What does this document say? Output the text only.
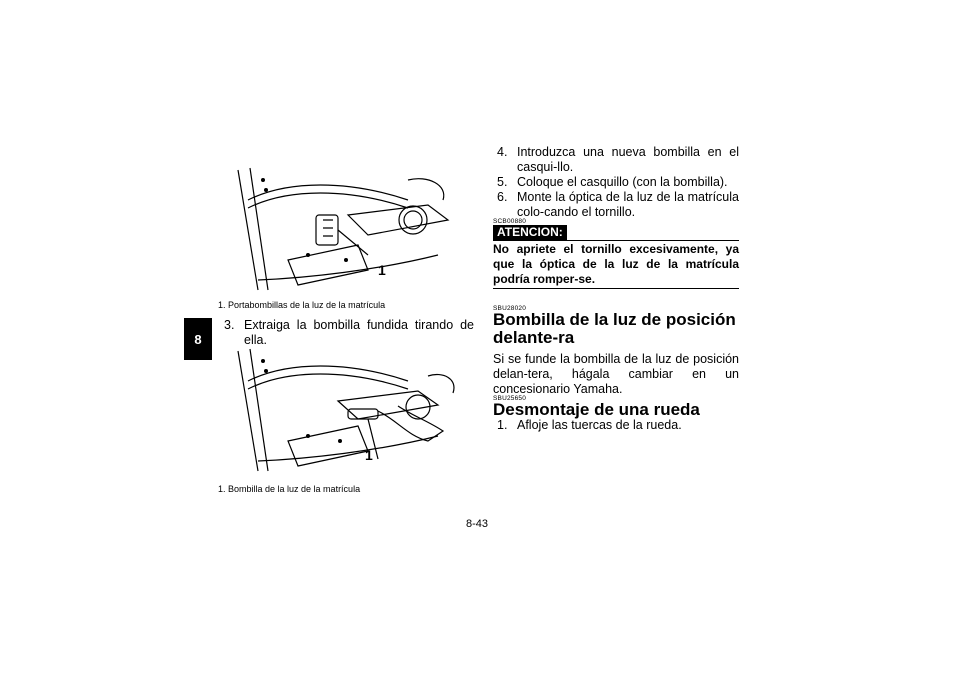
8
1
1. Portabombillas de la luz de la matrícula
3. Extraiga la bombilla fundida tirando de ella.
1
1. Bombilla de la luz de la matrícula
4. Introduzca una nueva bombilla en el casqui-llo.
5. Coloque el casquillo (con la bombilla).
6. Monte la óptica de la luz de la matrícula colo-cando el tornillo.
SCB00880
ATENCION:
No apriete el tornillo excesivamente, ya que la óptica de la luz de la matrícula podría romper-se.
SBU28020
Bombilla de la luz de posición delante-ra
Si se funde la bombilla de la luz de posición delan-tera, hágala cambiar en un concesionario Yamaha.
SBU25650
Desmontaje de una rueda
1. Afloje las tuercas de la rueda.
8-43
